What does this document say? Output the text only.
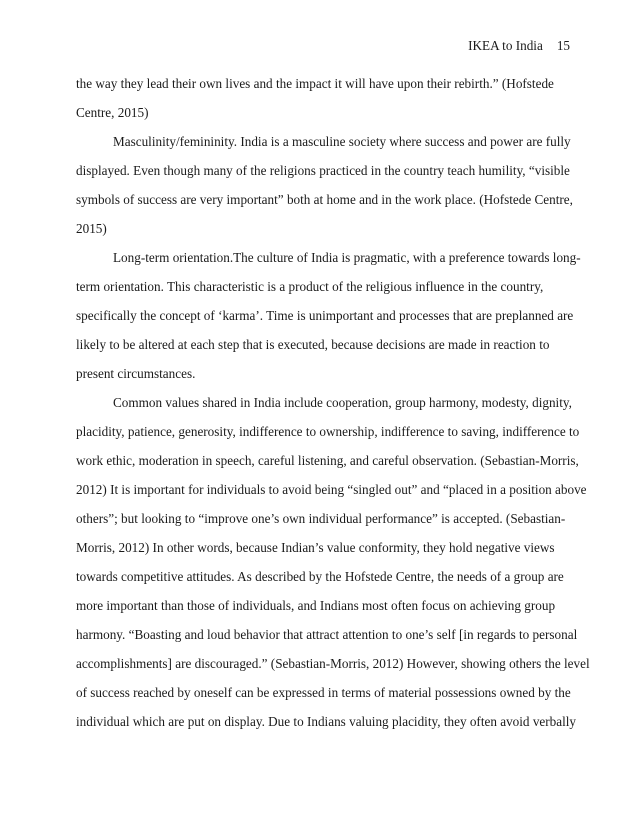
IKEA to India 15
the way they lead their own lives and the impact it will have upon their rebirth.” (Hofstede
Centre, 2015)
Masculinity/femininity. India is a masculine society where success and power are fully
displayed. Even though many of the religions practiced in the country teach humility, “visible
symbols of success are very important” both at home and in the work place. (Hofstede Centre,
2015)
Long-term orientation.The culture of India is pragmatic, with a preference towards long-
term orientation. This characteristic is a product of the religious influence in the country,
specifically the concept of ‘karma’. Time is unimportant and processes that are preplanned are
likely to be altered at each step that is executed, because decisions are made in reaction to
present circumstances.
Common values shared in India include cooperation, group harmony, modesty, dignity,
placidity, patience, generosity, indifference to ownership, indifference to saving, indifference to
work ethic, moderation in speech, careful listening, and careful observation. (Sebastian-Morris,
2012) It is important for individuals to avoid being “singled out” and “placed in a position above
others”; but looking to “improve one’s own individual performance” is accepted. (Sebastian-
Morris, 2012) In other words, because Indian’s value conformity, they hold negative views
towards competitive attitudes. As described by the Hofstede Centre, the needs of a group are
more important than those of individuals, and Indians most often focus on achieving group
harmony. “Boasting and loud behavior that attract attention to one’s self [in regards to personal
accomplishments] are discouraged.” (Sebastian-Morris, 2012) However, showing others the level
of success reached by oneself can be expressed in terms of material possessions owned by the
individual which are put on display. Due to Indians valuing placidity, they often avoid verbally
